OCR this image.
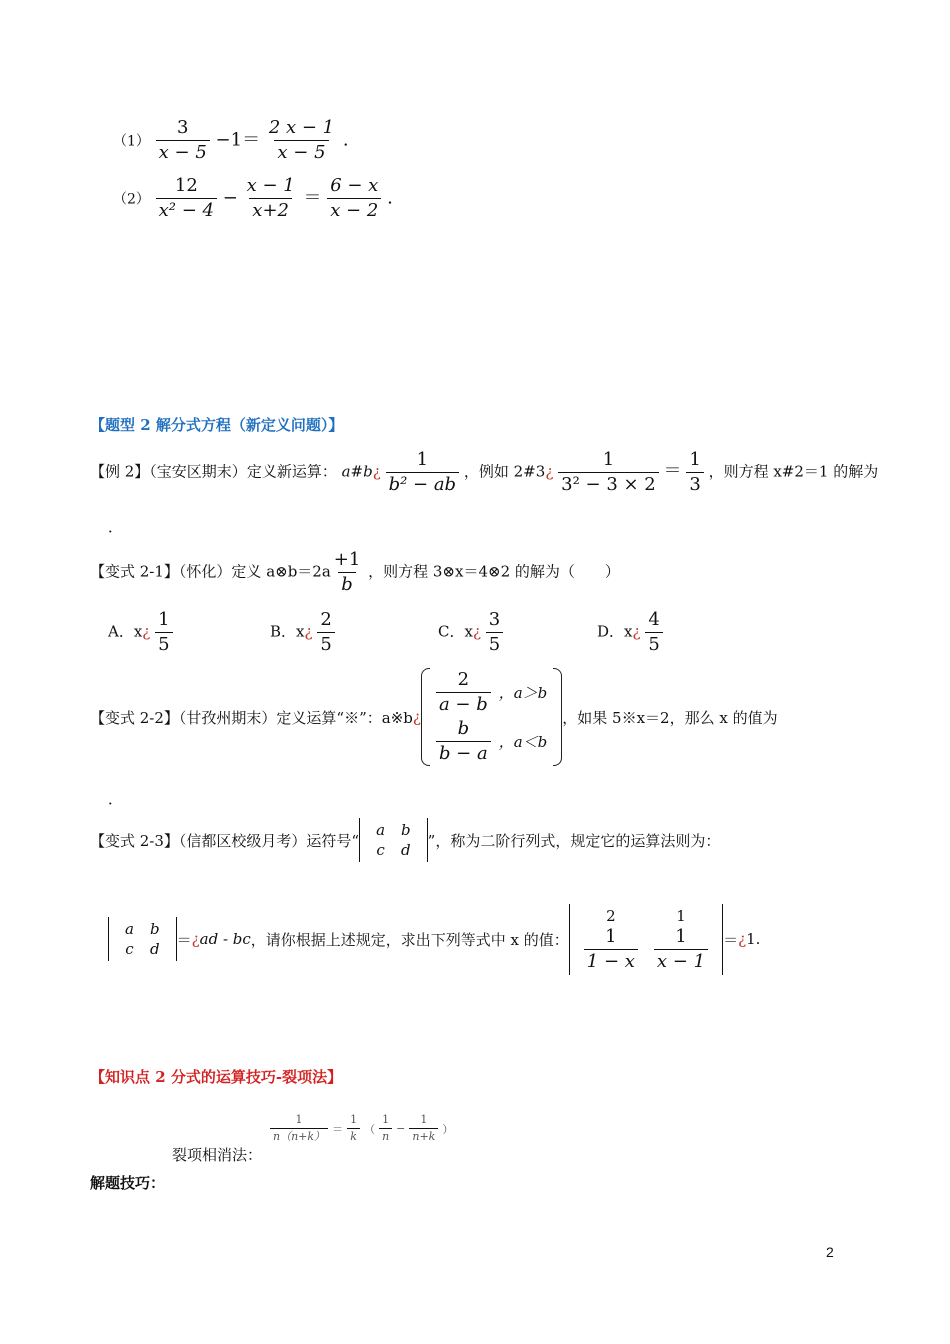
$(1) \frac{3}{x - 5} -1= \frac{2 x - 1}{x - 5}$ .
$(2) \frac{12}{\text{x² − 4}} - \frac{x - 1}{x+2} = \frac{6 - x}{x - 2}$ .
【题型 2 解分式方程（新定义问题）】
【例 2】（宝安区期末）定义新运算： a#b¿ $\frac{1}{\text{b² − ab}}$ ，例如 2#3¿ $\frac{1}{\text{3² − 3 × 2}} = \frac{1}{3}$ ，则方程 x#2＝1 的解为
．
【变式 2-1】（怀化）定义 a⊗b＝2a $\frac{+1}{b}$ ，则方程 3⊗x＝4⊗2 的解为（　　）
A．x¿ $\frac{1}{5}$	B．x¿ $\frac{2}{5}$	C．x¿ $\frac{3}{5}$	D．x¿ $\frac{4}{5}$
【变式 2-2】（甘孜州期末）定义运算“※”：a※b ¿
$\frac{2}{a - b}$ ，a＞b
$\frac{b}{b - a}$ ，a＜b
，如果 5※x＝2，那么 x 的值为
．
【变式 2-3】（信都区校级月考）运符号“
a	b
c	d
”，称为二阶行列式，规定它的运算法则为：
a	b
c	d
＝ ¿ ad - bc ，请你根据上述规定，求出下列等式中 x 的值：
2	1

$\frac{1}{1 - x}$	$\frac{1}{x - 1}$ ＝ ¿ 1.
【知识点 2 分式的运算技巧-裂项法】
$\frac{1}{n(n+k)} = \frac{1}{k}$ （ $\frac{1}{n} - \frac{1}{n+k}$ ）
裂项相消法：
解题技巧：
2
